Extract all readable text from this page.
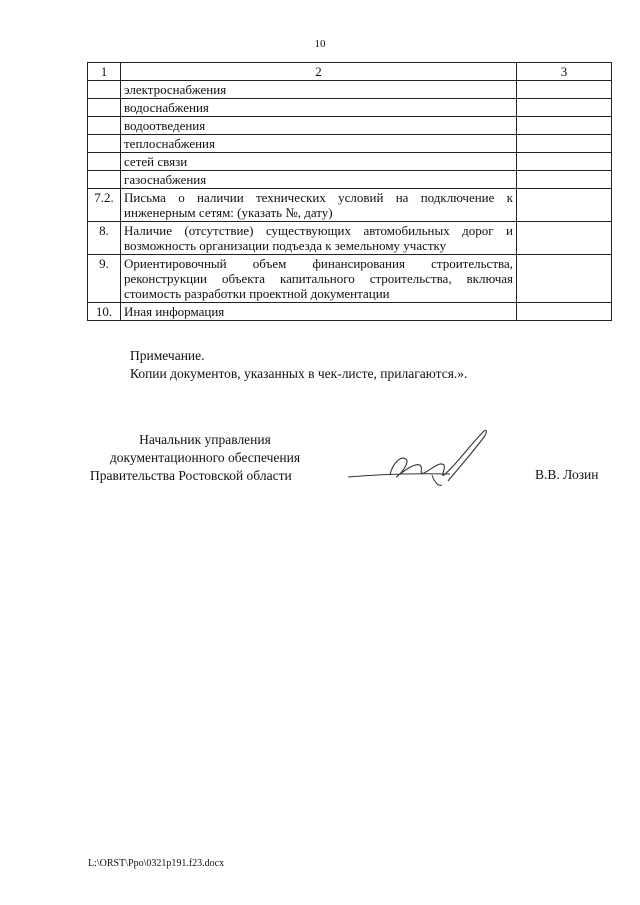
10
1	2	3
	электроснабжения	
	водоснабжения	
	водоотведения	
	теплоснабжения	
	сетей связи	
	газоснабжения	
7.2.	Письма о наличии технических условий на подключение к инженерным сетям: (указать №, дату)	
8.	Наличие (отсутствие) существующих автомобильных дорог и возможность организации подъезда к земельному участку	
9.	Ориентировочный объем финансирования строительства, реконструкции объекта капитального строительства, включая стоимость разработки проектной документации	
10.	Иная информация	
Примечание.
Копии документов, указанных в чек-листе, прилагаются.».
Начальник управления
документационного обеспечения
Правительства Ростовской области	В.В. Лозин
L:\ORST\Ppo\0321p191.f23.docx
